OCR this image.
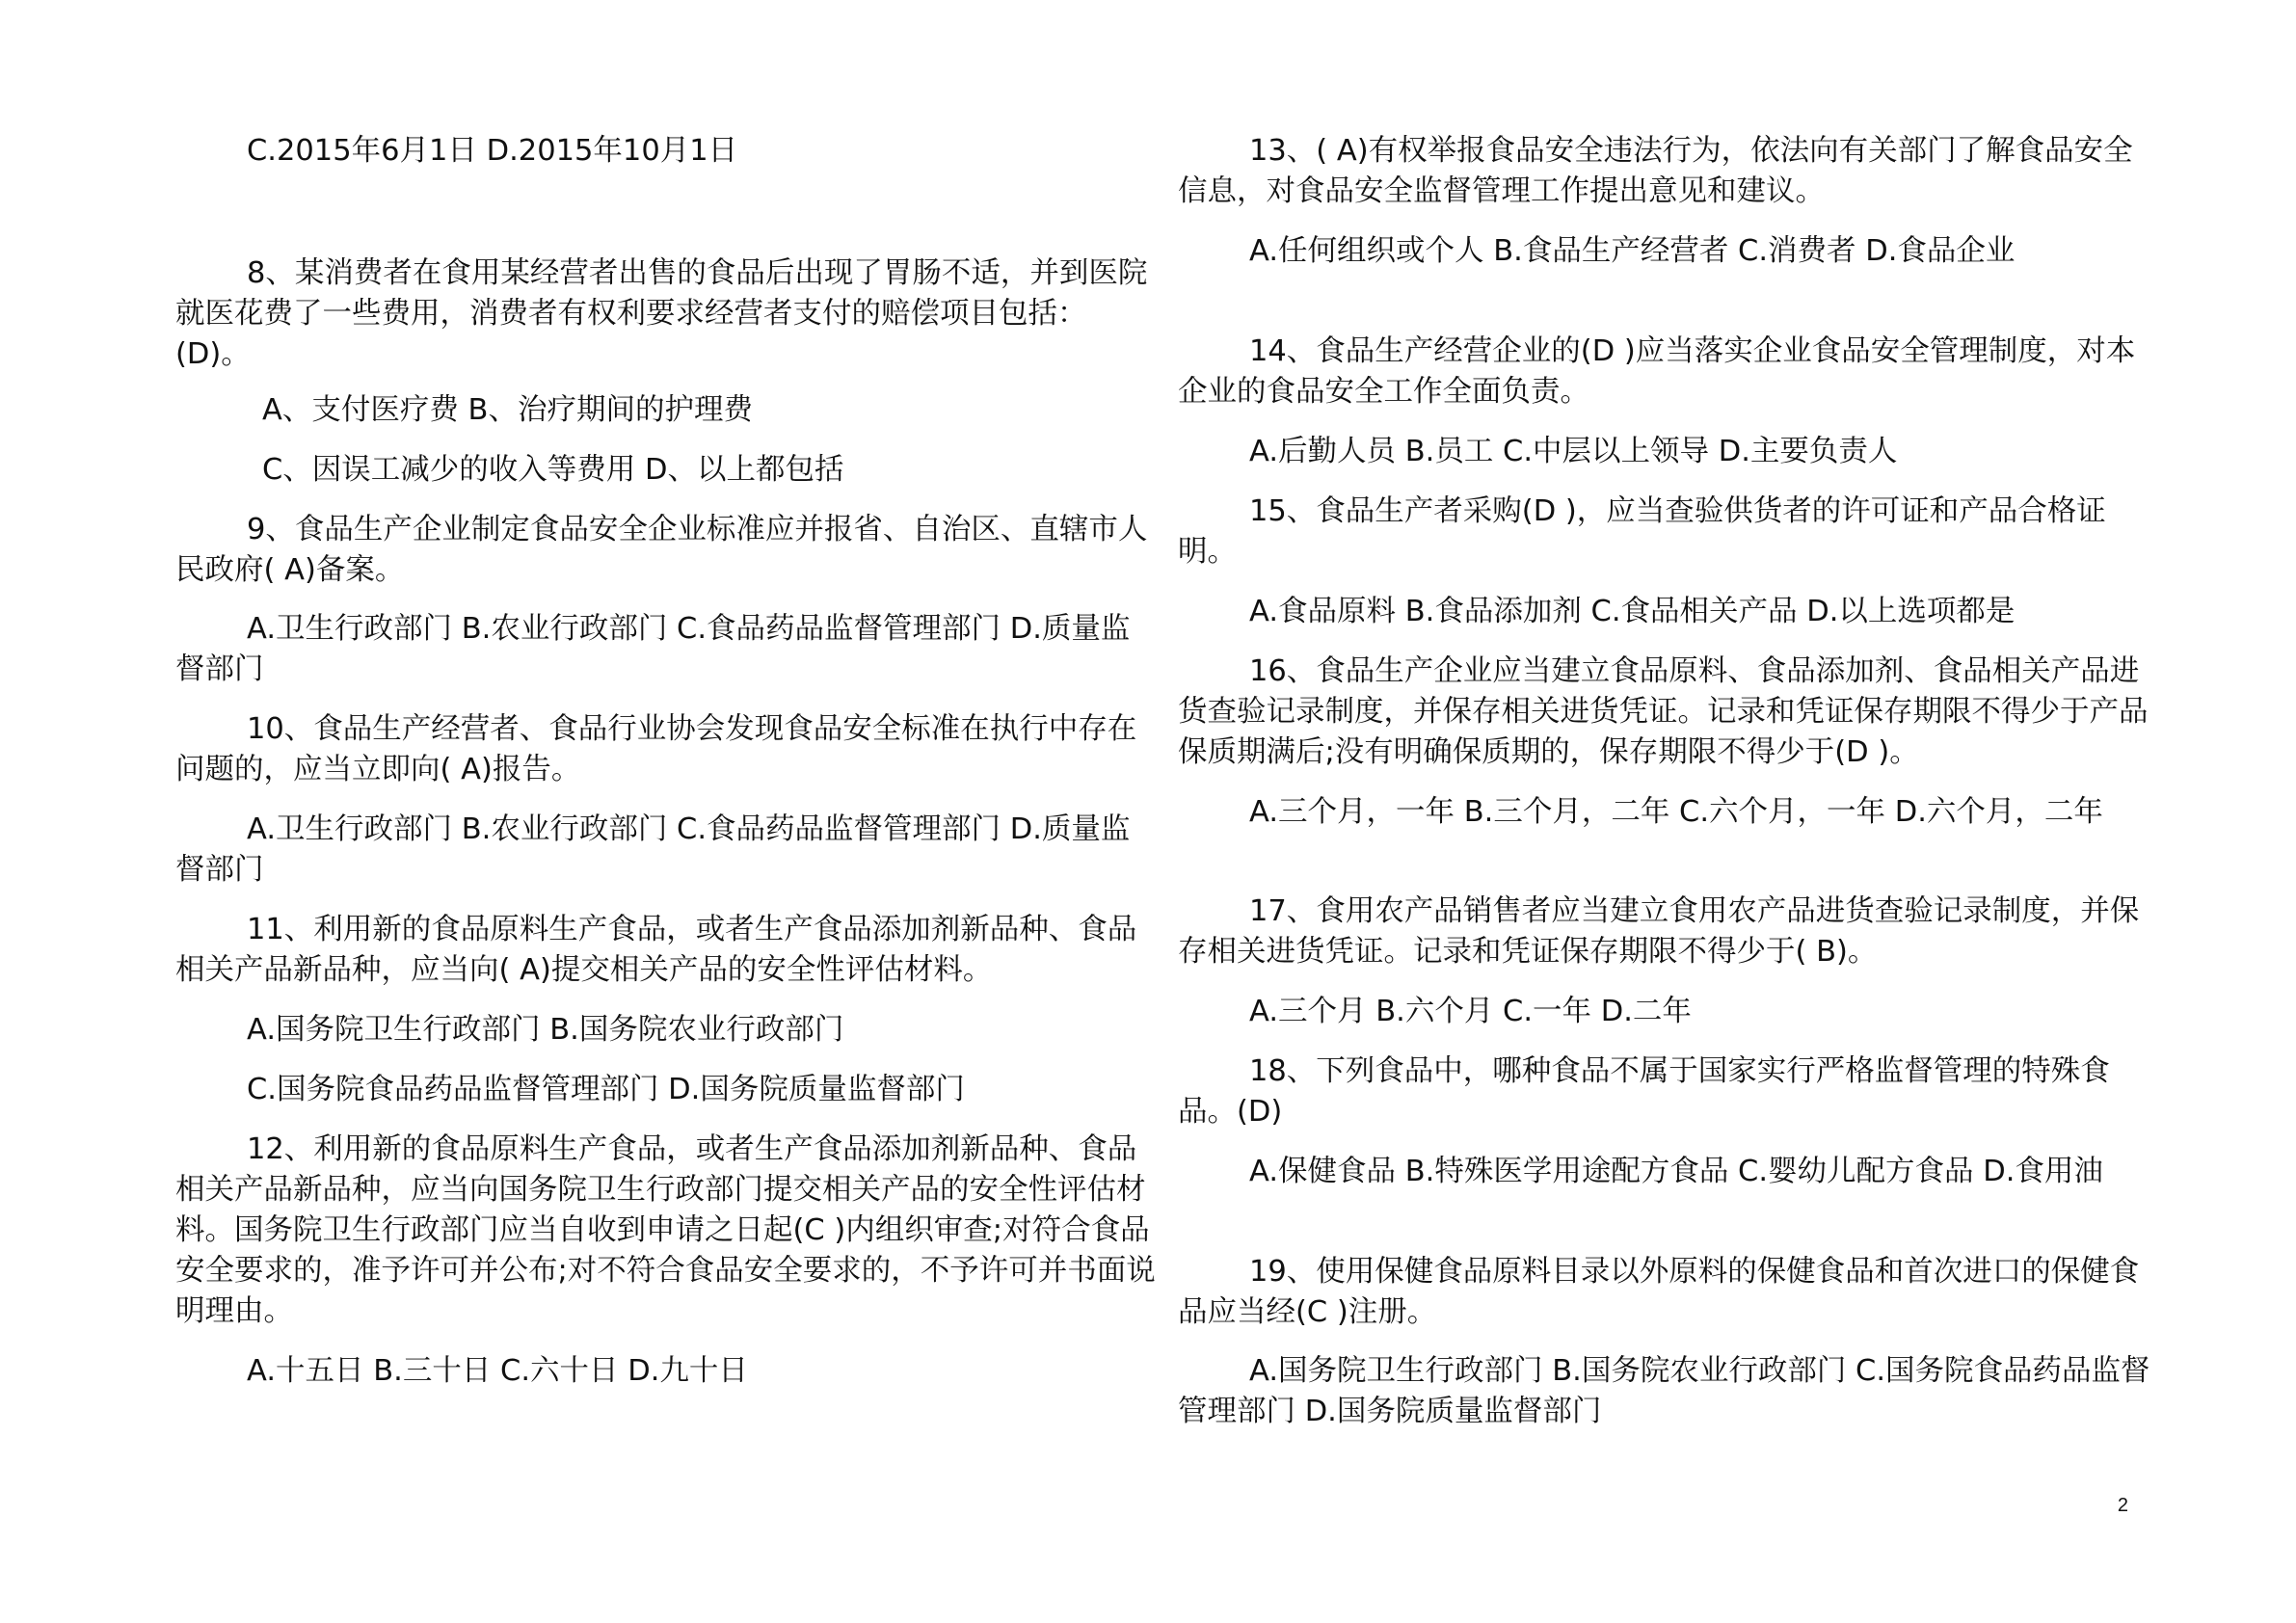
C.2015年6月1日 D.2015年10月1日

8、某消费者在食用某经营者出售的食品后出现了胃肠不适，并到医院就医花费了一些费用，消费者有权利要求经营者支付的赔偿项目包括：(D)。

A、支付医疗费 B、治疗期间的护理费

C、因误工减少的收入等费用 D、以上都包括

9、食品生产企业制定食品安全企业标准应并报省、自治区、直辖市人民政府( A)备案。

A.卫生行政部门 B.农业行政部门 C.食品药品监督管理部门 D.质量监督部门

10、食品生产经营者、食品行业协会发现食品安全标准在执行中存在问题的，应当立即向( A)报告。

A.卫生行政部门 B.农业行政部门 C.食品药品监督管理部门 D.质量监督部门

11、利用新的食品原料生产食品，或者生产食品添加剂新品种、食品相关产品新品种，应当向( A)提交相关产品的安全性评估材料。

A.国务院卫生行政部门 B.国务院农业行政部门

C.国务院食品药品监督管理部门 D.国务院质量监督部门

12、利用新的食品原料生产食品，或者生产食品添加剂新品种、食品相关产品新品种，应当向国务院卫生行政部门提交相关产品的安全性评估材料。国务院卫生行政部门应当自收到申请之日起(C )内组织审查;对符合食品安全要求的，准予许可并公布;对不符合食品安全要求的，不予许可并书面说明理由。

A.十五日 B.三十日 C.六十日 D.九十日

13、( A)有权举报食品安全违法行为，依法向有关部门了解食品安全信息，对食品安全监督管理工作提出意见和建议。

A.任何组织或个人 B.食品生产经营者 C.消费者 D.食品企业

14、食品生产经营企业的(D )应当落实企业食品安全管理制度，对本企业的食品安全工作全面负责。

A.后勤人员 B.员工 C.中层以上领导 D.主要负责人

15、食品生产者采购(D )，应当查验供货者的许可证和产品合格证明。

A.食品原料 B.食品添加剂 C.食品相关产品 D.以上选项都是

16、食品生产企业应当建立食品原料、食品添加剂、食品相关产品进货查验记录制度，并保存相关进货凭证。记录和凭证保存期限不得少于产品保质期满后;没有明确保质期的，保存期限不得少于(D )。

A.三个月，一年 B.三个月，二年 C.六个月，一年 D.六个月，二年

17、食用农产品销售者应当建立食用农产品进货查验记录制度，并保存相关进货凭证。记录和凭证保存期限不得少于( B)。

A.三个月 B.六个月 C.一年 D.二年

18、下列食品中，哪种食品不属于国家实行严格监督管理的特殊食品。(D)

A.保健食品 B.特殊医学用途配方食品 C.婴幼儿配方食品 D.食用油

19、使用保健食品原料目录以外原料的保健食品和首次进口的保健食品应当经(C )注册。

A.国务院卫生行政部门 B.国务院农业行政部门 C.国务院食品药品监督管理部门 D.国务院质量监督部门

2
